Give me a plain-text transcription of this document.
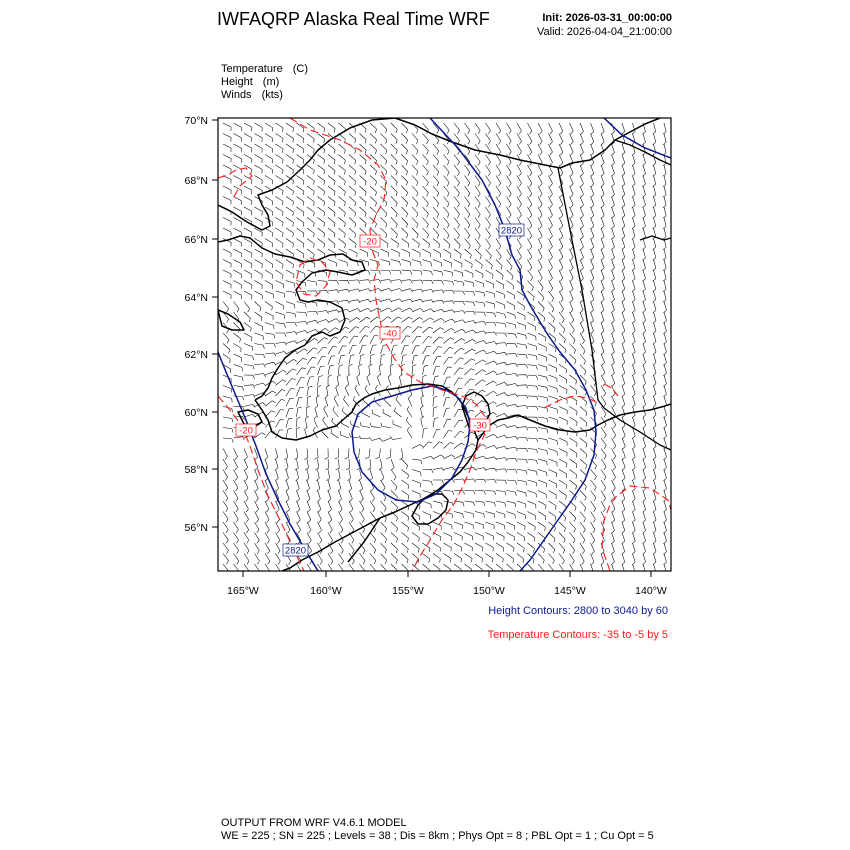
IWFAQRP Alaska Real Time WRF	Init: 2026-03-31_00:00:00
Valid: 2026-04-04_21:00:00
Temperature (C)
Height (m)
Winds (kts)
70°N
68°N
66°N
64°N
62°N
60°N
58°N
56°N
165°W	160°W	155°W	150°W	145°W	140°W
2820
2820
-20
-40
-20	-30
Height Contours: 2800 to 3040 by 60
Temperature Contours: -35 to -5 by 5
OUTPUT FROM WRF V4.6.1 MODEL
WE = 225 ; SN = 225 ; Levels = 38 ; Dis = 8km ; Phys Opt = 8 ; PBL Opt = 1 ; Cu Opt = 5
